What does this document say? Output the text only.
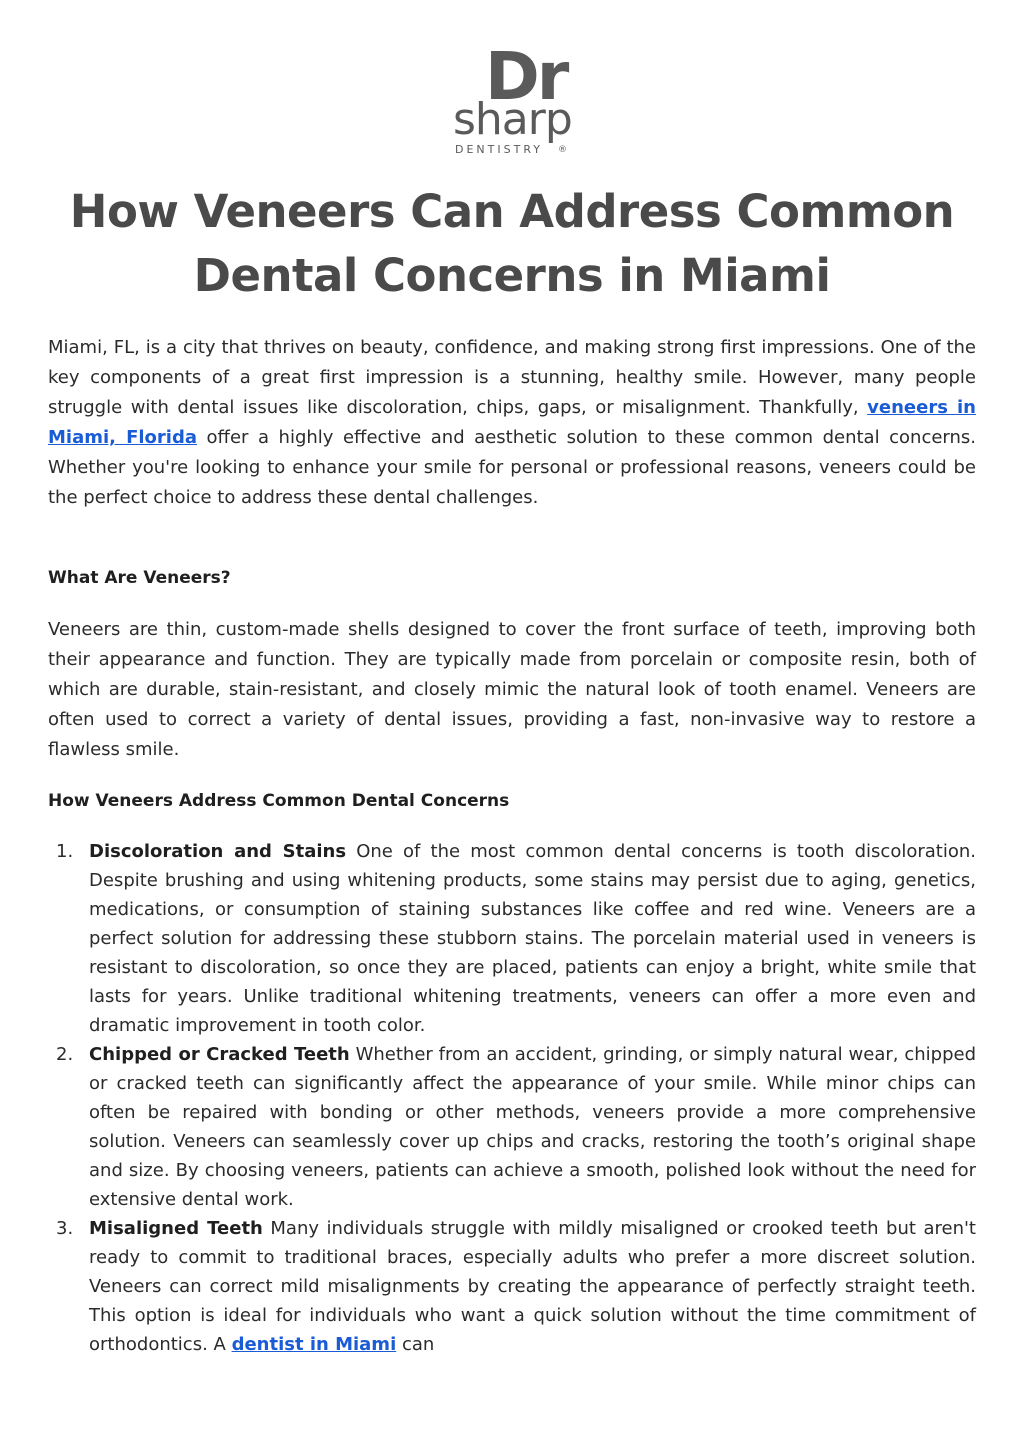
Dr
sharp
DENTISTRY ®
How Veneers Can Address Common Dental Concerns in Miami

Miami, FL, is a city that thrives on beauty, confidence, and making strong first impressions. One of the key components of a great first impression is a stunning, healthy smile. However, many people struggle with dental issues like discoloration, chips, gaps, or misalignment. Thankfully, veneers in Miami, Florida offer a highly effective and aesthetic solution to these common dental concerns. Whether you're looking to enhance your smile for personal or professional reasons, veneers could be the perfect choice to address these dental challenges.

What Are Veneers?

Veneers are thin, custom-made shells designed to cover the front surface of teeth, improving both their appearance and function. They are typically made from porcelain or composite resin, both of which are durable, stain-resistant, and closely mimic the natural look of tooth enamel. Veneers are often used to correct a variety of dental issues, providing a fast, non-invasive way to restore a flawless smile.

How Veneers Address Common Dental Concerns
1. Discoloration and Stains One of the most common dental concerns is tooth discoloration. Despite brushing and using whitening products, some stains may persist due to aging, genetics, medications, or consumption of staining substances like coffee and red wine. Veneers are a perfect solution for addressing these stubborn stains. The porcelain material used in veneers is resistant to discoloration, so once they are placed, patients can enjoy a bright, white smile that lasts for years. Unlike traditional whitening treatments, veneers can offer a more even and dramatic improvement in tooth color.
2. Chipped or Cracked Teeth Whether from an accident, grinding, or simply natural wear, chipped or cracked teeth can significantly affect the appearance of your smile. While minor chips can often be repaired with bonding or other methods, veneers provide a more comprehensive solution. Veneers can seamlessly cover up chips and cracks, restoring the tooth’s original shape and size. By choosing veneers, patients can achieve a smooth, polished look without the need for extensive dental work.
3. Misaligned Teeth Many individuals struggle with mildly misaligned or crooked teeth but aren't ready to commit to traditional braces, especially adults who prefer a more discreet solution. Veneers can correct mild misalignments by creating the appearance of perfectly straight teeth. This option is ideal for individuals who want a quick solution without the time commitment of orthodontics. A dentist in Miami can
